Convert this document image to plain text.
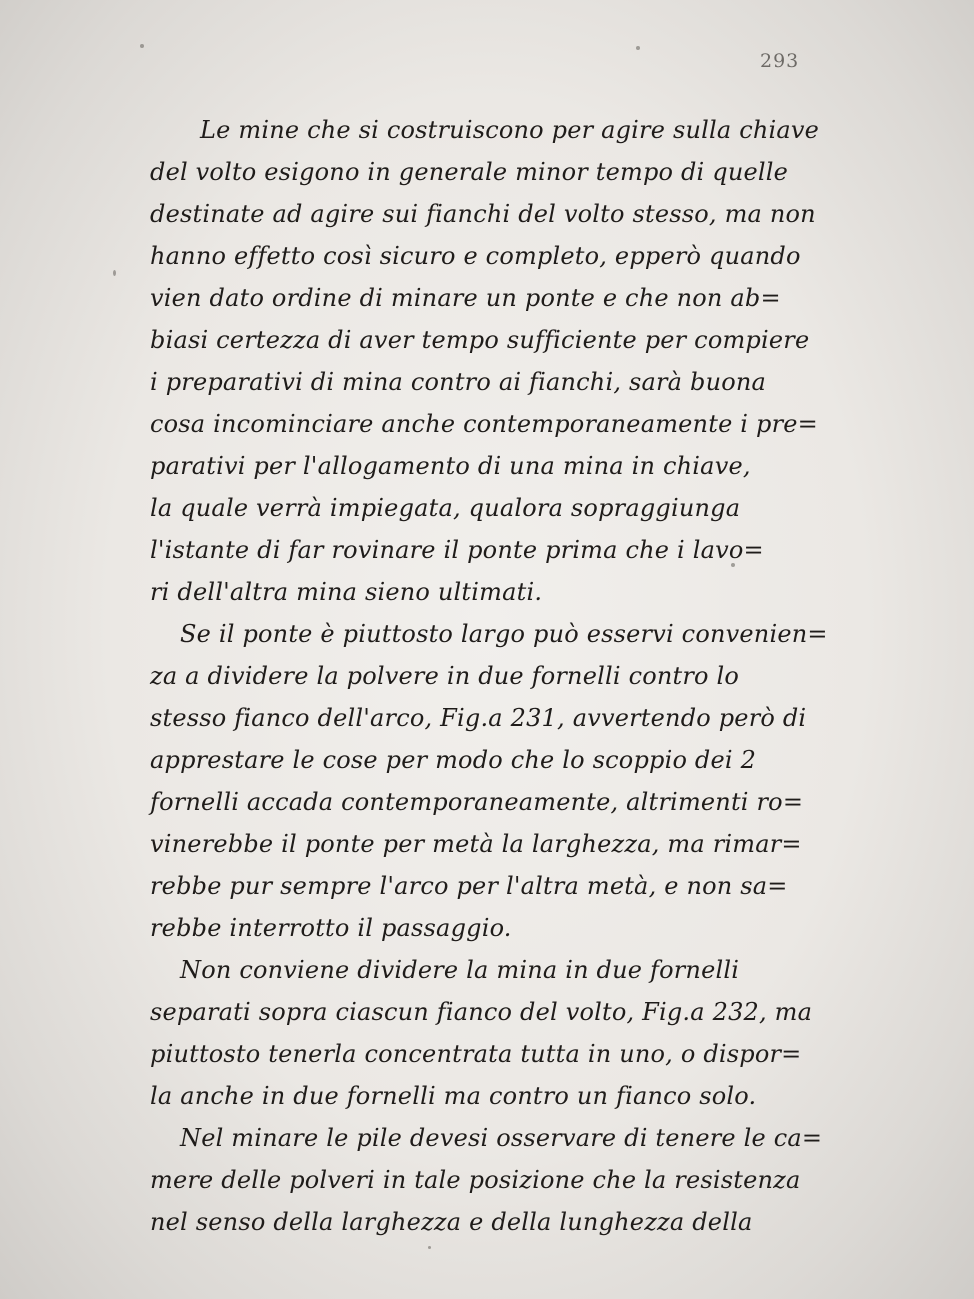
293
Le mine che si costruiscono per agire sulla chiave
del volto esigono in generale minor tempo di quelle
destinate ad agire sui fianchi del volto stesso, ma non
hanno effetto così sicuro e completo, epperò quando
vien dato ordine di minare un ponte e che non ab=
biasi certezza di aver tempo sufficiente per compiere
i preparativi di mina contro ai fianchi, sarà buona
cosa incominciare anche contemporaneamente i pre=
parativi per l'allogamento di una mina in chiave,
la quale verrà impiegata, qualora sopraggiunga
l'istante di far rovinare il ponte prima che i lavo=
ri dell'altra mina sieno ultimati.
Se il ponte è piuttosto largo può esservi convenien=
za a dividere la polvere in due fornelli contro lo
stesso fianco dell'arco, Fig.a 231, avvertendo però di
apprestare le cose per modo che lo scoppio dei 2
fornelli accada contemporaneamente, altrimenti ro=
vinerebbe il ponte per metà la larghezza, ma rimar=
rebbe pur sempre l'arco per l'altra metà, e non sa=
rebbe interrotto il passaggio.
Non conviene dividere la mina in due fornelli
separati sopra ciascun fianco del volto, Fig.a 232, ma
piuttosto tenerla concentrata tutta in uno, o dispor=
la anche in due fornelli ma contro un fianco solo.
Nel minare le pile devesi osservare di tenere le ca=
mere delle polveri in tale posizione che la resistenza
nel senso della larghezza e della lunghezza della
